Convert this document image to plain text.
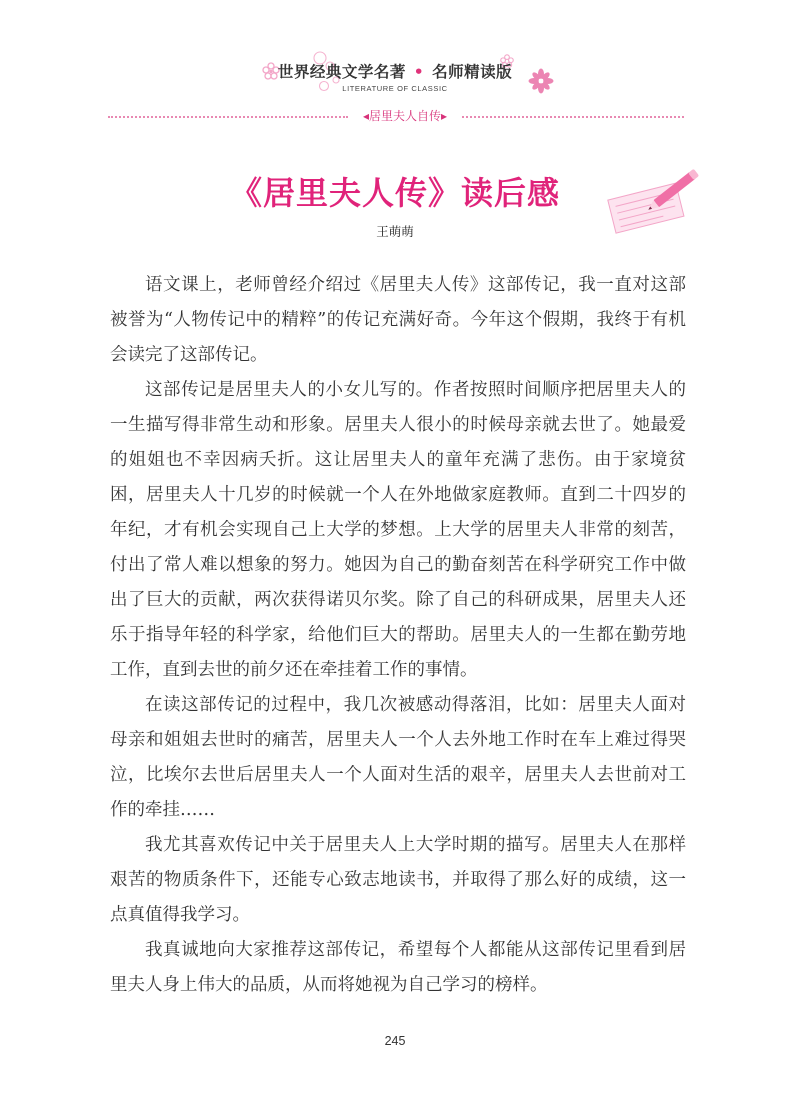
世界经典文学名著 • 名师精读版
LITERATURE OF CLASSIC
◂居里夫人自传▸
《居里夫人传》读后感
王萌萌

语文课上，老师曾经介绍过《居里夫人传》这部传记，我一直对这部被誉为“人物传记中的精粹”的传记充满好奇。今年这个假期，我终于有机会读完了这部传记。

这部传记是居里夫人的小女儿写的。作者按照时间顺序把居里夫人的一生描写得非常生动和形象。居里夫人很小的时候母亲就去世了。她最爱的姐姐也不幸因病夭折。这让居里夫人的童年充满了悲伤。由于家境贫困，居里夫人十几岁的时候就一个人在外地做家庭教师。直到二十四岁的年纪，才有机会实现自己上大学的梦想。上大学的居里夫人非常的刻苦，付出了常人难以想象的努力。她因为自己的勤奋刻苦在科学研究工作中做出了巨大的贡献，两次获得诺贝尔奖。除了自己的科研成果，居里夫人还乐于指导年轻的科学家，给他们巨大的帮助。居里夫人的一生都在勤劳地工作，直到去世的前夕还在牵挂着工作的事情。

在读这部传记的过程中，我几次被感动得落泪，比如：居里夫人面对母亲和姐姐去世时的痛苦，居里夫人一个人去外地工作时在车上难过得哭泣，比埃尔去世后居里夫人一个人面对生活的艰辛，居里夫人去世前对工作的牵挂……

我尤其喜欢传记中关于居里夫人上大学时期的描写。居里夫人在那样艰苦的物质条件下，还能专心致志地读书，并取得了那么好的成绩，这一点真值得我学习。

我真诚地向大家推荐这部传记，希望每个人都能从这部传记里看到居里夫人身上伟大的品质，从而将她视为自己学习的榜样。

245
